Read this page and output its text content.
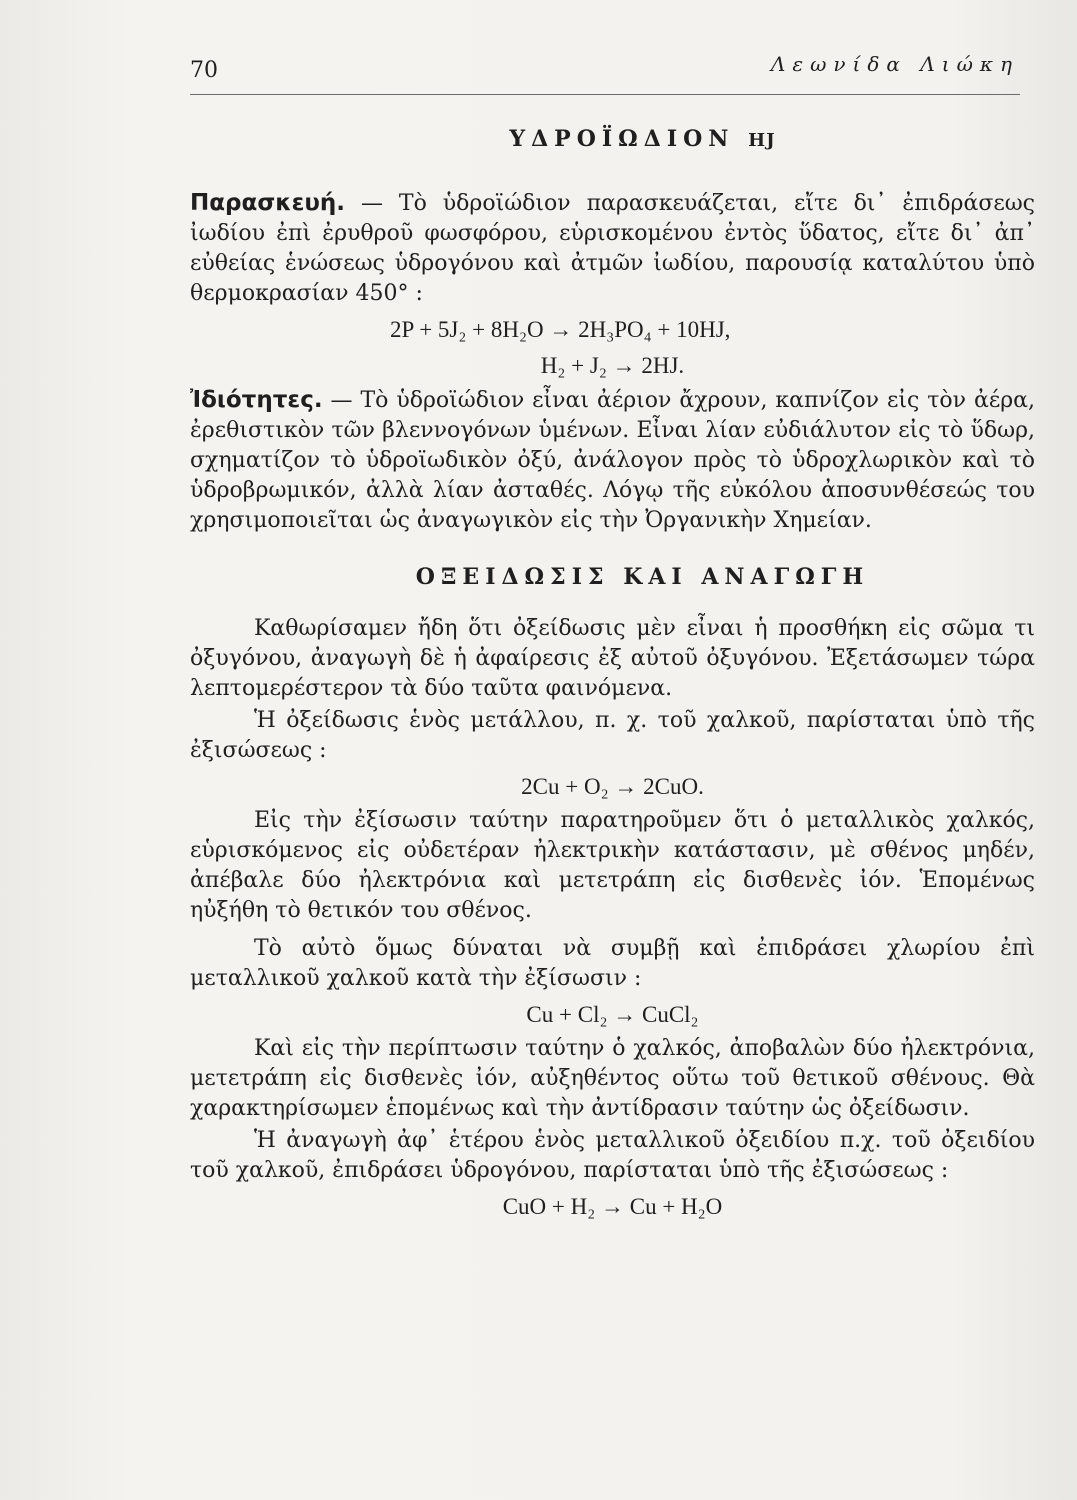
70	Λεωνίδα Λιώκη
ΥΔΡΟΪΩΔΙΟΝ HJ

Παρασκευή. — Τὸ ὑδροϊώδιον παρασκευάζεται, εἴτε δι᾿ ἐπιδράσεως ἰωδίου ἐπὶ ἐρυθροῦ φωσφόρου, εὑρισκομένου ἐντὸς ὕδατος, εἴτε δι᾿ ἀπ᾿ εὐθείας ἑνώσεως ὑδρογόνου καὶ ἀτμῶν ἰωδίου, παρουσίᾳ καταλύτου ὑπὸ θερμοκρασίαν 450° :

2P + 5J₂ + 8H₂O → 2H₃PO₄ + 10HJ,
H₂ + J₂ → 2HJ.

Ἰδιότητες. — Τὸ ὑδροϊώδιον εἶναι ἀέριον ἄχρουν, καπνίζον εἰς τὸν ἀέρα, ἐρεθιστικὸν τῶν βλεννογόνων ὑμένων. Εἶναι λίαν εὐδιάλυτον εἰς τὸ ὕδωρ, σχηματίζον τὸ ὑδροϊωδικὸν ὀξύ, ἀνάλογον πρὸς τὸ ὑδροχλωρικὸν καὶ τὸ ὑδροβρωμικόν, ἀλλὰ λίαν ἀσταθές. Λόγῳ τῆς εὐκόλου ἀποσυνθέσεώς του χρησιμοποιεῖται ὡς ἀναγωγικὸν εἰς τὴν Ὀργανικὴν Χημείαν.

ΟΞΕΙΔΩΣΙΣ ΚΑΙ ΑΝΑΓΩΓΗ

Καθωρίσαμεν ἤδη ὅτι ὀξείδωσις μὲν εἶναι ἡ προσθήκη εἰς σῶμα τι ὀξυγόνου, ἀναγωγὴ δὲ ἡ ἀφαίρεσις ἐξ αὐτοῦ ὀξυγόνου. Ἐξετάσωμεν τώρα λεπτομερέστερον τὰ δύο ταῦτα φαινόμενα.

Ἡ ὀξείδωσις ἑνὸς μετάλλου, π. χ. τοῦ χαλκοῦ, παρίσταται ὑπὸ τῆς ἐξισώσεως :

2Cu + O₂ → 2CuO.

Εἰς τὴν ἐξίσωσιν ταύτην παρατηροῦμεν ὅτι ὁ μεταλλικὸς χαλκός, εὑρισκόμενος εἰς οὐδετέραν ἠλεκτρικὴν κατάστασιν, μὲ σθένος μηδέν, ἀπέβαλε δύο ἠλεκτρόνια καὶ μετετράπη εἰς δισθενὲς ἰόν. Ἑπομένως ηὐξήθη τὸ θετικόν του σθένος.

Τὸ αὐτὸ ὅμως δύναται νὰ συμβῇ καὶ ἐπιδράσει χλωρίου ἐπὶ μεταλλικοῦ χαλκοῦ κατὰ τὴν ἐξίσωσιν :

Cu + Cl₂ → CuCl₂

Καὶ εἰς τὴν περίπτωσιν ταύτην ὁ χαλκός, ἀποβαλὼν δύο ἠλεκτρόνια, μετετράπη εἰς δισθενὲς ἰόν, αὐξηθέντος οὕτω τοῦ θετικοῦ σθένους. Θὰ χαρακτηρίσωμεν ἑπομένως καὶ τὴν ἀντίδρασιν ταύτην ὡς ὀξείδωσιν.

Ἡ ἀναγωγὴ ἀφ᾿ ἑτέρου ἑνὸς μεταλλικοῦ ὀξειδίου π.χ. τοῦ ὀξειδίου τοῦ χαλκοῦ, ἐπιδράσει ὑδρογόνου, παρίσταται ὑπὸ τῆς ἐξισώσεως :

CuO + H₂ → Cu + H₂O
